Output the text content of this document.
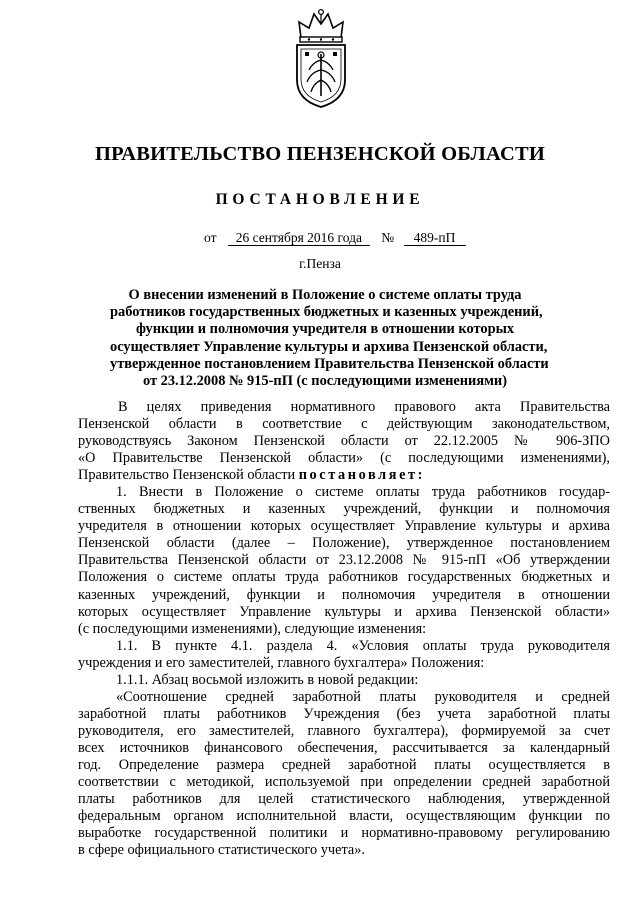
ПРАВИТЕЛЬСТВО ПЕНЗЕНСКОЙ ОБЛАСТИ
ПОСТАНОВЛЕНИЕ
от 26 сентября 2016 года № 489-пП
г.Пенза
О внесении изменений в Положение о системе оплаты труда
работников государственных бюджетных и казенных учреждений,
функции и полномочия учредителя в отношении которых
осуществляет Управление культуры и архива Пензенской области,
утвержденное постановлением Правительства Пензенской области
от 23.12.2008 № 915-пП (с последующими изменениями)
В целях приведения нормативного правового акта Правительства
Пензенской области в соответствие с действующим законодательством,
руководствуясь Законом Пензенской области от 22.12.2005 № 906-ЗПО
«О Правительстве Пензенской области» (с последующими изменениями),
Правительство Пензенской области постановляет:
1. Внести в Положение о системе оплаты труда работников государ-
ственных бюджетных и казенных учреждений, функции и полномочия
учредителя в отношении которых осуществляет Управление культуры и архива
Пензенской области (далее – Положение), утвержденное постановлением
Правительства Пензенской области от 23.12.2008 № 915-пП «Об утверждении
Положения о системе оплаты труда работников государственных бюджетных и
казенных учреждений, функции и полномочия учредителя в отношении
которых осуществляет Управление культуры и архива Пензенской области»
(с последующими изменениями), следующие изменения:
1.1. В пункте 4.1. раздела 4. «Условия оплаты труда руководителя
учреждения и его заместителей, главного бухгалтера» Положения:
1.1.1. Абзац восьмой изложить в новой редакции:
«Соотношение средней заработной платы руководителя и средней
заработной платы работников Учреждения (без учета заработной платы
руководителя, его заместителей, главного бухгалтера), формируемой за счет
всех источников финансового обеспечения, рассчитывается за календарный
год. Определение размера средней заработной платы осуществляется в
соответствии с методикой, используемой при определении средней заработной
платы работников для целей статистического наблюдения, утвержденной
федеральным органом исполнительной власти, осуществляющим функции по
выработке государственной политики и нормативно-правовому регулированию
в сфере официального статистического учета».
